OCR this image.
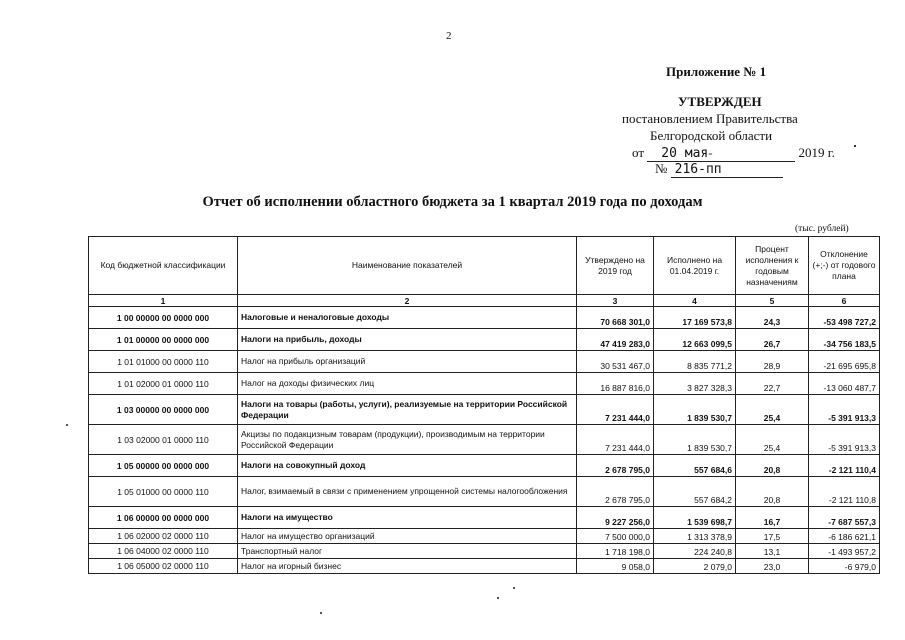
2
Приложение № 1
УТВЕРЖДЕН
постановлением Правительства
Белгородской области
от 20 мая-	2019 г.
№ 216-пп
Отчет об исполнении областного бюджета за 1 квартал 2019 года по доходам
(тыс. рублей)
Код бюджетной классификации	Наименование показателей	Утверждено на 2019 год	Исполнено на 01.04.2019 г.	Процент исполнения к годовым назначениям	Отклонение (+;-) от годового плана
1	2	3	4	5	6
1 00 00000 00 0000 000	Налоговые и неналоговые доходы	70 668 301,0	17 169 573,8	24,3	-53 498 727,2
1 01 00000 00 0000 000	Налоги на прибыль, доходы	47 419 283,0	12 663 099,5	26,7	-34 756 183,5
1 01 01000 00 0000 110	Налог на прибыль организаций	30 531 467,0	8 835 771,2	28,9	-21 695 695,8
1 01 02000 01 0000 110	Налог на доходы физических лиц	16 887 816,0	3 827 328,3	22,7	-13 060 487,7
1 03 00000 00 0000 000	Налоги на товары (работы, услуги), реализуемые на территории Российской Федерации	7 231 444,0	1 839 530,7	25,4	-5 391 913,3
1 03 02000 01 0000 110	Акцизы по подакцизным товарам (продукции), производимым на территории Российской Федерации	7 231 444,0	1 839 530,7	25,4	-5 391 913,3
1 05 00000 00 0000 000	Налоги на совокупный доход	2 678 795,0	557 684,6	20,8	-2 121 110,4
1 05 01000 00 0000 110	Налог, взимаемый в связи с применением упрощенной системы налогообложения	2 678 795,0	557 684,2	20,8	-2 121 110,8
1 06 00000 00 0000 000	Налоги на имущество	9 227 256,0	1 539 698,7	16,7	-7 687 557,3
1 06 02000 02 0000 110	Налог на имущество организаций	7 500 000,0	1 313 378,9	17,5	-6 186 621,1
1 06 04000 02 0000 110	Транспортный налог	1 718 198,0	224 240,8	13,1	-1 493 957,2
1 06 05000 02 0000 110	Налог на игорный бизнес	9 058,0	2 079,0	23,0	-6 979,0
